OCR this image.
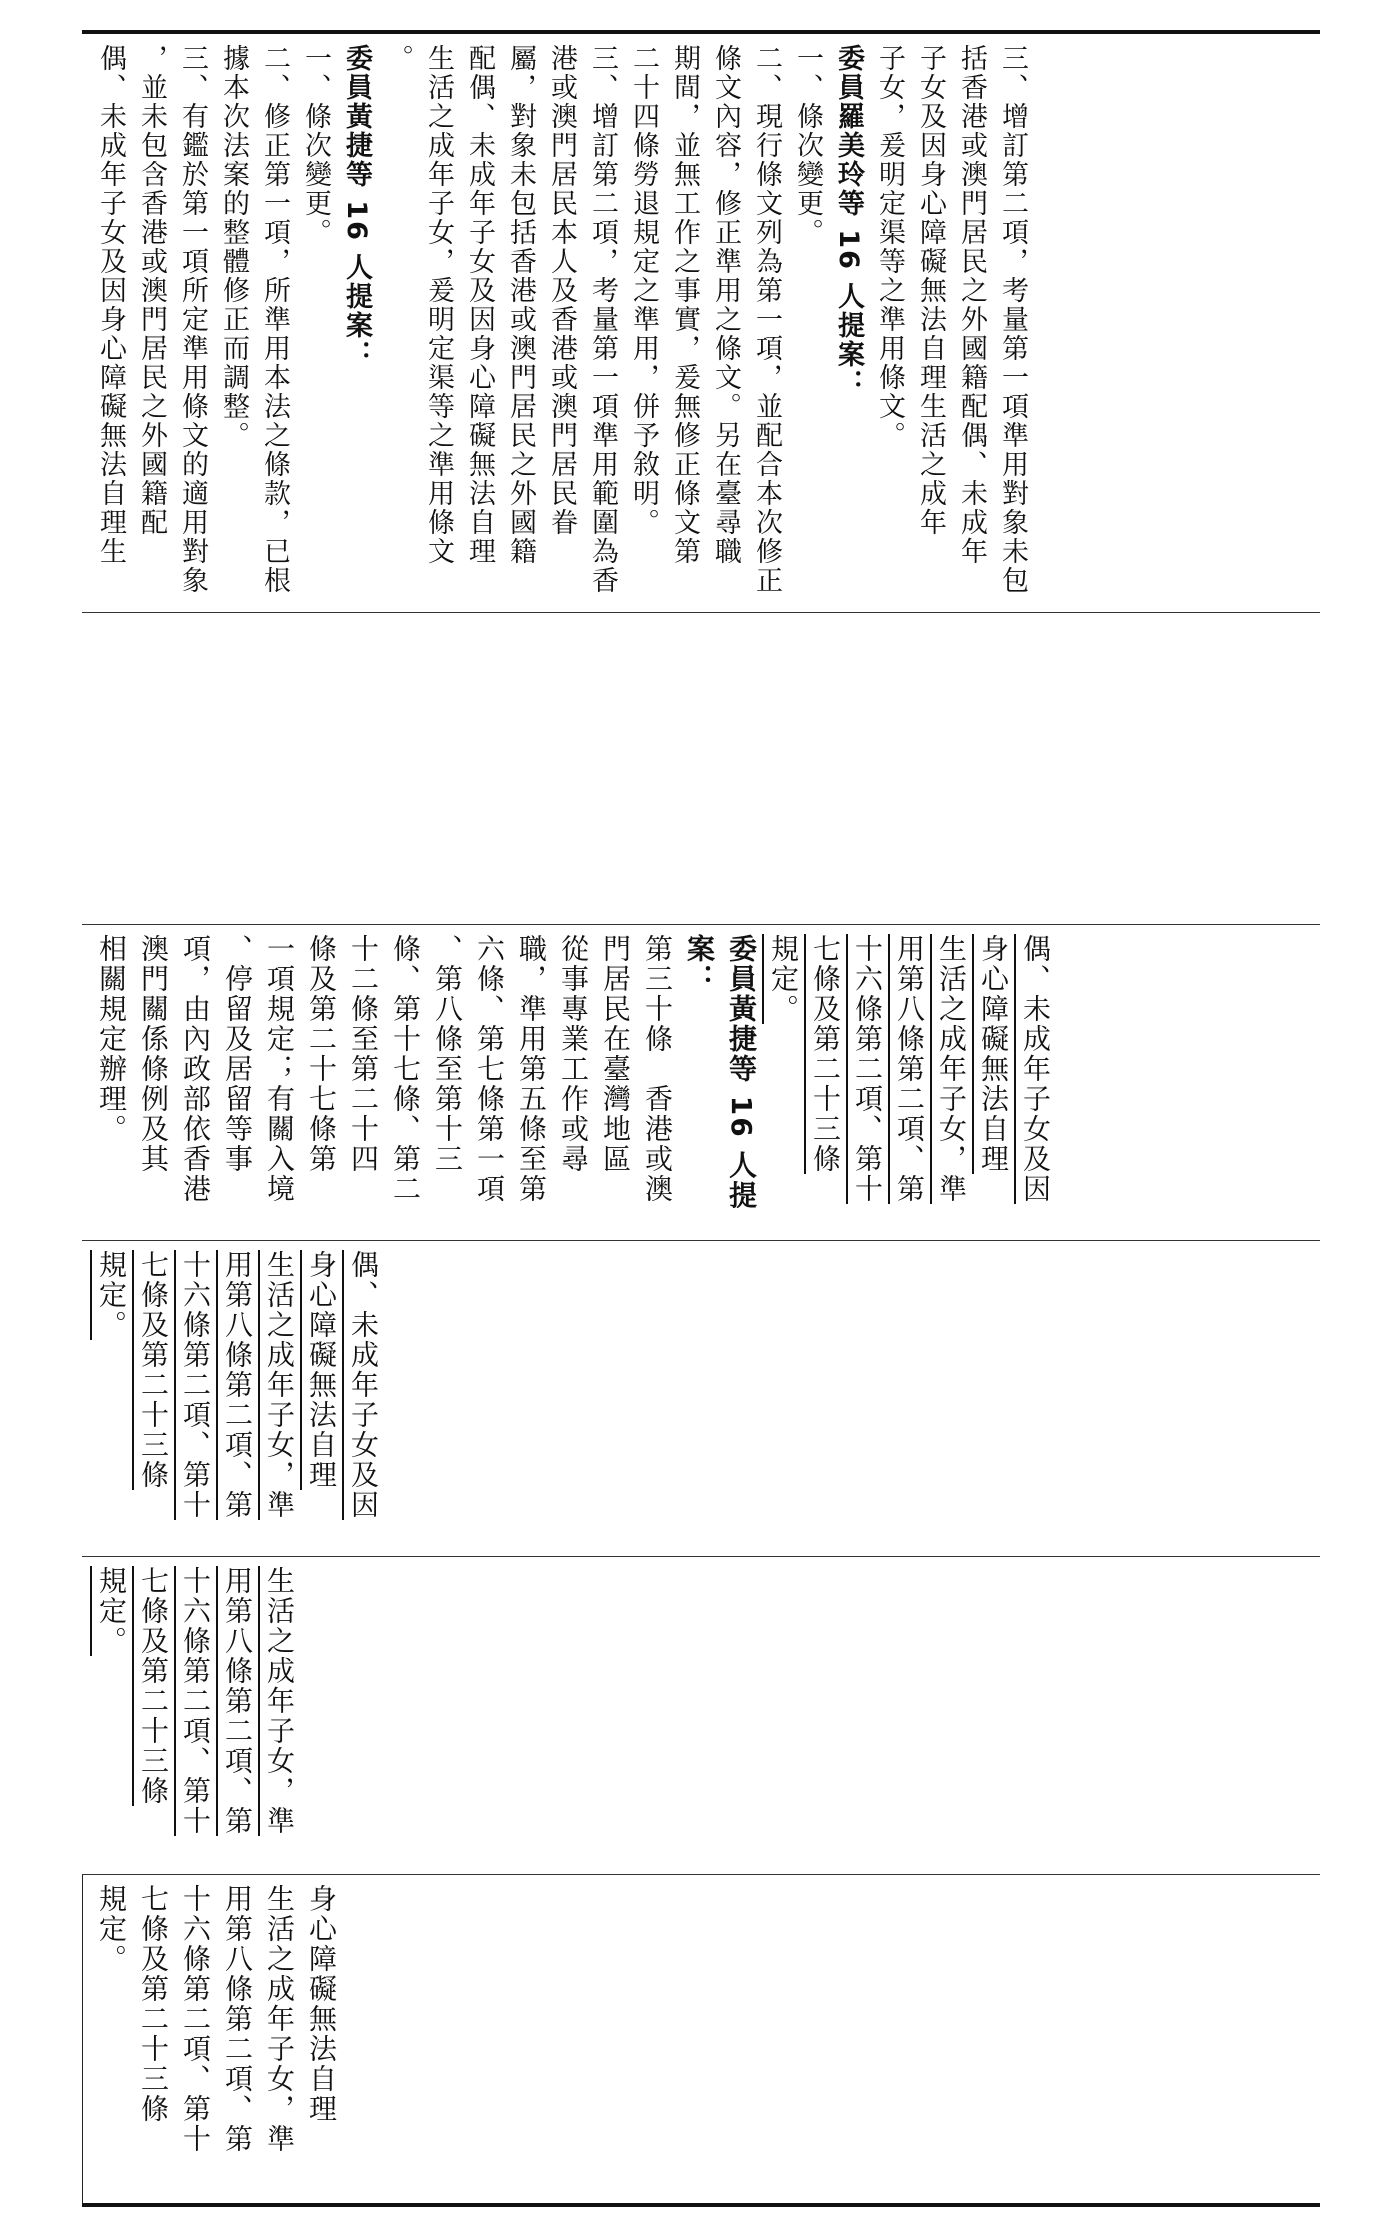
身心障礙無法自理

生活之成年子女，準

用第八條第二項、第

十六條第二項、第十

七條及第二十三條

規定。

生活之成年子女，準

用第八條第二項、第

十六條第二項、第十

七條及第二十三條

規定。

偶、未成年子女及因

身心障礙無法自理

生活之成年子女，準

用第八條第二項、第

十六條第二項、第十

七條及第二十三條

規定。

偶、未成年子女及因

身心障礙無法自理

生活之成年子女，準

用第八條第二項、第

十六條第二項、第十

七條及第二十三條

規定。

委員黃捷等 16 人提案：

第三十條　香港或澳

門居民在臺灣地區

從事專業工作或尋

職，準用第五條至第

六條、第七條第一項

、第八條至第十三

條、第十七條、第二

十二條至第二十四

條及第二十七條第

一項規定；有關入境

、停留及居留等事

項，由內政部依香港

澳門關係條例及其

相關規定辦理。

三、增訂第二項，考量第一項準用對象未包

括香港或澳門居民之外國籍配偶、未成年

子女及因身心障礙無法自理生活之成年

子女，爰明定渠等之準用條文。

委員羅美玲等 16 人提案：

一、條次變更。

二、現行條文列為第一項，並配合本次修正

條文內容，修正準用之條文。另在臺尋職

期間，並無工作之事實，爰無修正條文第

二十四條勞退規定之準用，併予敘明。

三、增訂第二項，考量第一項準用範圍為香

港或澳門居民本人及香港或澳門居民眷

屬，對象未包括香港或澳門居民之外國籍

配偶、未成年子女及因身心障礙無法自理

生活之成年子女，爰明定渠等之準用條文

。

委員黃捷等 16 人提案：

一、條次變更。

二、修正第一項，所準用本法之條款，已根

據本次法案的整體修正而調整。

三、有鑑於第一項所定準用條文的適用對象

，並未包含香港或澳門居民之外國籍配

偶、未成年子女及因身心障礙無法自理生
